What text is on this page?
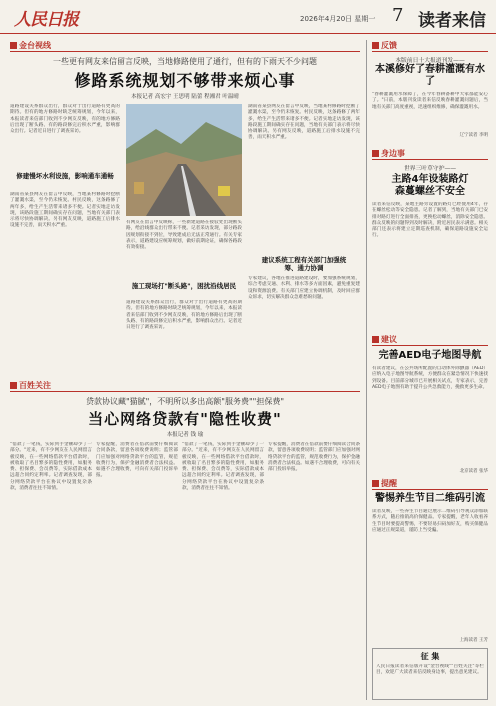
人民日报	2026年4月20日 星期一 7 读者来信
金台视线
一些更有网友来信留言反映，当地修路使用了通行，但有的下雨天不少问题
修路系统规划不够带来烦心事
本报记者 高宏宇 王思明 陆蕾 程湘君 叶温晴
道路建设关系群众出行，群众对于出行道路有更高的期待。但有的地方修路时缺乏统筹规划，今年以来，本报读者来信部门收到不少网友反映，有的地方修路后出现了断头路、有的路段修完后积水严重，影响群众出行。记者近日进行了调查采访。
修建慢坏水利设施，影响通车通畅
湖南省某县网友在留言中反映，当地某村修路时挖断了灌溉水渠，至今仍未恢复。村民反映，这条路修了两年多，给生产生活带来诸多不便。记者实地走访发现，该路段施工期间确实存在问题，当地有关部门表示将尽快协调解决。另有网友反映，道路施工后排水设施不完善，雨天积水严重。
有网友在留言中反映称，一些新建道路在接驳处出现断头路，给沿线群众出行带来不便。记者采访发现，部分路段因规划衔接不到位，导致建成后无法正常通行。有关专家表示，道路建设应统筹规划，做好前期论证，确保各路段有效衔接。
施工现场打"断头路"，困扰沿线居民
道路建设关系群众出行，群众对于出行道路有更高的期待。但有的地方修路时缺乏统筹规划，今年以来，本报读者来信部门收到不少网友反映，有的地方修路后出现了断头路、有的路段修完后积水严重，影响群众出行。记者近日进行了调查采访。
湖南省某县网友在留言中反映，当地某村修路时挖断了灌溉水渠，至今仍未恢复。村民反映，这条路修了两年多，给生产生活带来诸多不便。记者实地走访发现，该路段施工期间确实存在问题，当地有关部门表示将尽快协调解决。另有网友反映，道路施工后排水设施不完善，雨天积水严重。
建议系统工程有关部门加强统筹、通力协调
专家建议，各地在推进道路建设时，要加强系统规划，综合考虑交通、水利、排水等多方面因素，避免重复建设和资源浪费。有关部门应建立协调机制，及时回应群众诉求，切实解决群众急难愁盼问题。
百姓关注
贷款协议藏"猫腻"，不明所以多出高额"服务费""担保费"
当心网络贷款有"隐性收费"
本报记者 钱 瑜
"借款了一笔钱，实际到手金额却少了一部分。"近来，有不少网友在人民网留言板反映，在一些网络借款平台借款时，被收取了名目繁多的隐性费用，如服务费、担保费、会员费等，实际借款成本远超合同约定利率。记者调查发现，部分网络贷款平台在协议中设置复杂条款，消费者往往不知情。
专家提醒，消费者在借款前要仔细阅读合同条款，留意各项收费说明；监管部门应加强对网络贷款平台的监管，规范收费行为，保护金融消费者合法权益。如遇不合理收费，可向有关部门投诉举报。
"借款了一笔钱，实际到手金额却少了一部分。"近来，有不少网友在人民网留言板反映，在一些网络借款平台借款时，被收取了名目繁多的隐性费用，如服务费、担保费、会员费等，实际借款成本远超合同约定利率。记者调查发现，部分网络贷款平台在协议中设置复杂条款，消费者往往不知情。
专家提醒，消费者在借款前要仔细阅读合同条款，留意各项收费说明；监管部门应加强对网络贷款平台的监管，规范收费行为，保护金融消费者合法权益。如遇不合理收费，可向有关部门投诉举报。
反馈
本版前日十大报道刊发——
本溪修好了春耕灌溉有水了
"春耕灌溉用水保障了，在今年春耕备耕中大家都能安心了。"日前，本版刊发读者来信反映春耕灌溉问题后，当地有关部门高度重视，迅速组织维修，确保灌溉用水。
辽宁读者 李明
身边事
世界三叶草守护——
主路4年设装路灯
森蔓螺丝不安全
读者来信反映，某地主路旁设置的路灯已经使用4年，存在螺丝松动等安全隐患。记者了解到，当地有关部门已安排对路灯进行全面排查，更换松动螺丝，消除安全隐患。群众反映的问题得到及时解决，附近居民表示满意。相关部门还表示将建立定期巡查机制，确保道路设施安全运行。
建议
完善AED电子地图导航
有读者建议，在公共场所配置的自动体外除颤器（AED）应纳入电子地图导航系统，方便群众在紧急情况下快速找到设备。目前部分城市已开展相关试点，专家表示，完善AED电子地图有助于提升公共急救能力，挽救更多生命。
北京读者 张华
提醒
警惕养生节目二维码引流
读者反映，一些养生节目通过展示二维码引导观众添加联系方式，随后推销高价保健品。专家提醒，老年人收看养生节目时要提高警惕，不要轻易扫码加好友，购买保健品应通过正规渠道，谨防上当受骗。
上海读者 王芳
征 集
人民日报读者来信版开设"金台视线""百姓关注"等栏目，欢迎广大读者来信反映身边事，提出意见建议。
